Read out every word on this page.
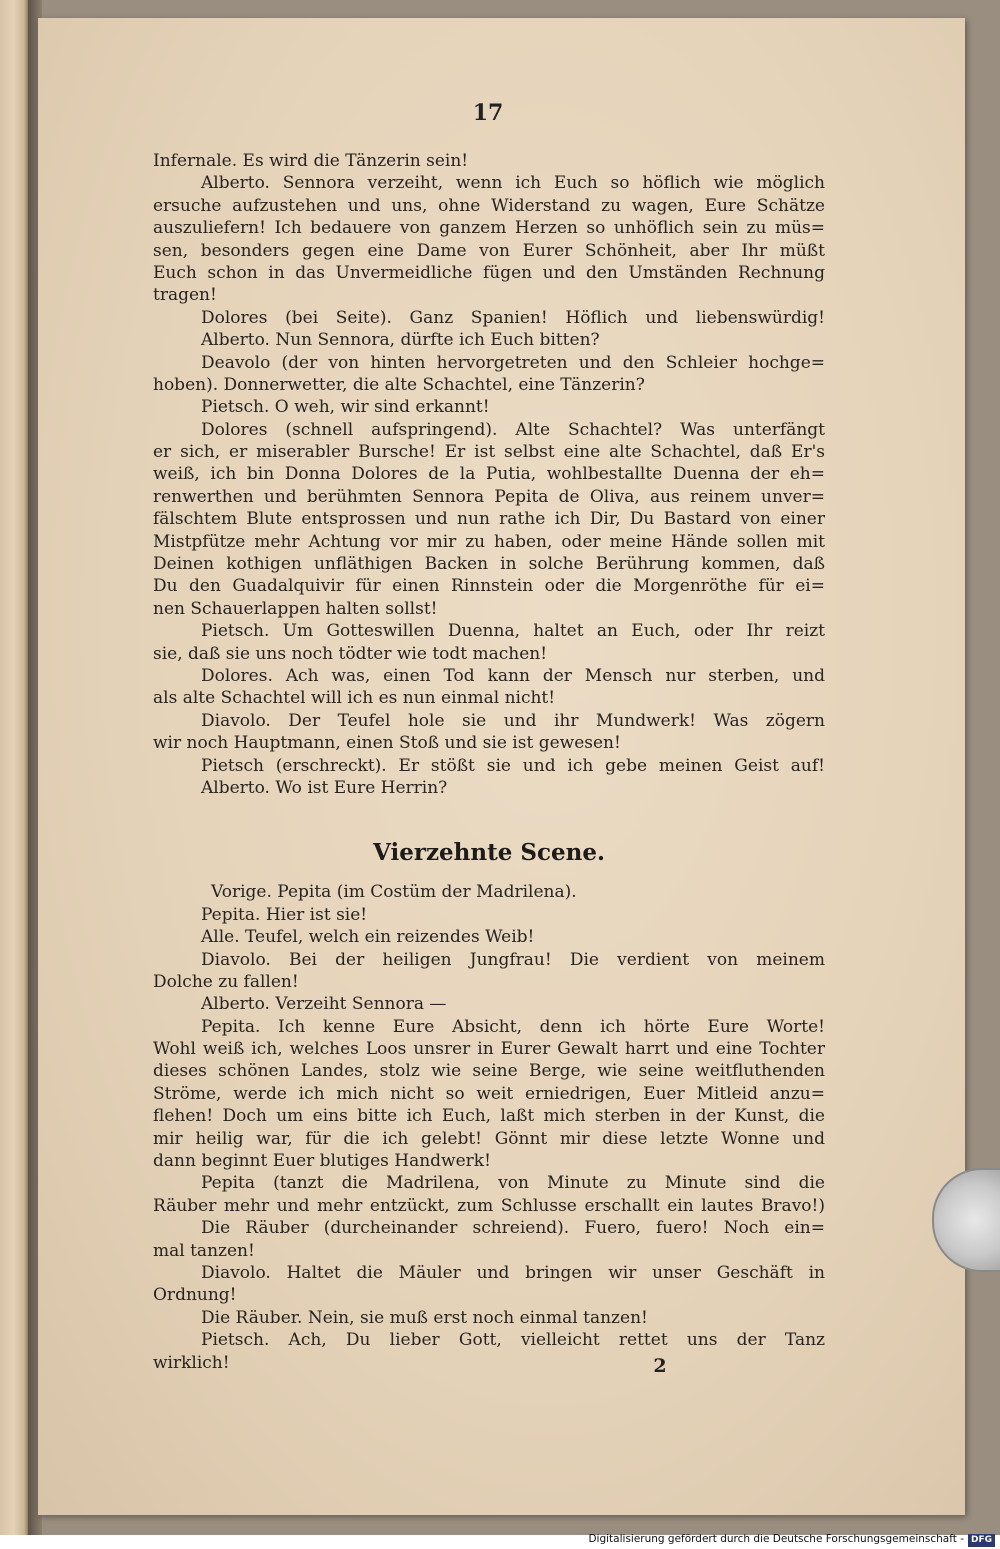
17
Infernale. Es wird die Tänzerin sein!
Alberto. Sennora verzeiht, wenn ich Euch so höflich wie möglich
ersuche aufzustehen und uns, ohne Widerstand zu wagen, Eure Schätze
auszuliefern! Ich bedauere von ganzem Herzen so unhöflich sein zu müs=
sen, besonders gegen eine Dame von Eurer Schönheit, aber Ihr müßt
Euch schon in das Unvermeidliche fügen und den Umständen Rechnung
tragen!
Dolores (bei Seite). Ganz Spanien! Höflich und liebenswürdig!
Alberto. Nun Sennora, dürfte ich Euch bitten?
Deavolo (der von hinten hervorgetreten und den Schleier hochge=
hoben). Donnerwetter, die alte Schachtel, eine Tänzerin?
Pietsch. O weh, wir sind erkannt!
Dolores (schnell aufspringend). Alte Schachtel? Was unterfängt
er sich, er miserabler Bursche! Er ist selbst eine alte Schachtel, daß Er's
weiß, ich bin Donna Dolores de la Putia, wohlbestallte Duenna der eh=
renwerthen und berühmten Sennora Pepita de Oliva, aus reinem unver=
fälschtem Blute entsprossen und nun rathe ich Dir, Du Bastard von einer
Mistpfütze mehr Achtung vor mir zu haben, oder meine Hände sollen mit
Deinen kothigen unfläthigen Backen in solche Berührung kommen, daß
Du den Guadalquivir für einen Rinnstein oder die Morgenröthe für ei=
nen Schauerlappen halten sollst!
Pietsch. Um Gotteswillen Duenna, haltet an Euch, oder Ihr reizt
sie, daß sie uns noch tödter wie todt machen!
Dolores. Ach was, einen Tod kann der Mensch nur sterben, und
als alte Schachtel will ich es nun einmal nicht!
Diavolo. Der Teufel hole sie und ihr Mundwerk! Was zögern
wir noch Hauptmann, einen Stoß und sie ist gewesen!
Pietsch (erschreckt). Er stößt sie und ich gebe meinen Geist auf!
Alberto. Wo ist Eure Herrin?
Vierzehnte Scene.
Vorige. Pepita (im Costüm der Madrilena).
Pepita. Hier ist sie!
Alle. Teufel, welch ein reizendes Weib!
Diavolo. Bei der heiligen Jungfrau! Die verdient von meinem
Dolche zu fallen!
Alberto. Verzeiht Sennora —
Pepita. Ich kenne Eure Absicht, denn ich hörte Eure Worte!
Wohl weiß ich, welches Loos unsrer in Eurer Gewalt harrt und eine Tochter
dieses schönen Landes, stolz wie seine Berge, wie seine weitfluthenden
Ströme, werde ich mich nicht so weit erniedrigen, Euer Mitleid anzu=
flehen! Doch um eins bitte ich Euch, laßt mich sterben in der Kunst, die
mir heilig war, für die ich gelebt! Gönnt mir diese letzte Wonne und
dann beginnt Euer blutiges Handwerk!
Pepita (tanzt die Madrilena, von Minute zu Minute sind die
Räuber mehr und mehr entzückt, zum Schlusse erschallt ein lautes Bravo!)
Die Räuber (durcheinander schreiend). Fuero, fuero! Noch ein=
mal tanzen!
Diavolo. Haltet die Mäuler und bringen wir unser Geschäft in
Ordnung!
Die Räuber. Nein, sie muß erst noch einmal tanzen!
Pietsch. Ach, Du lieber Gott, vielleicht rettet uns der Tanz
wirklich!	2
Digitalisierung gefördert durch die Deutsche Forschungsgemeinschaft - DFG
